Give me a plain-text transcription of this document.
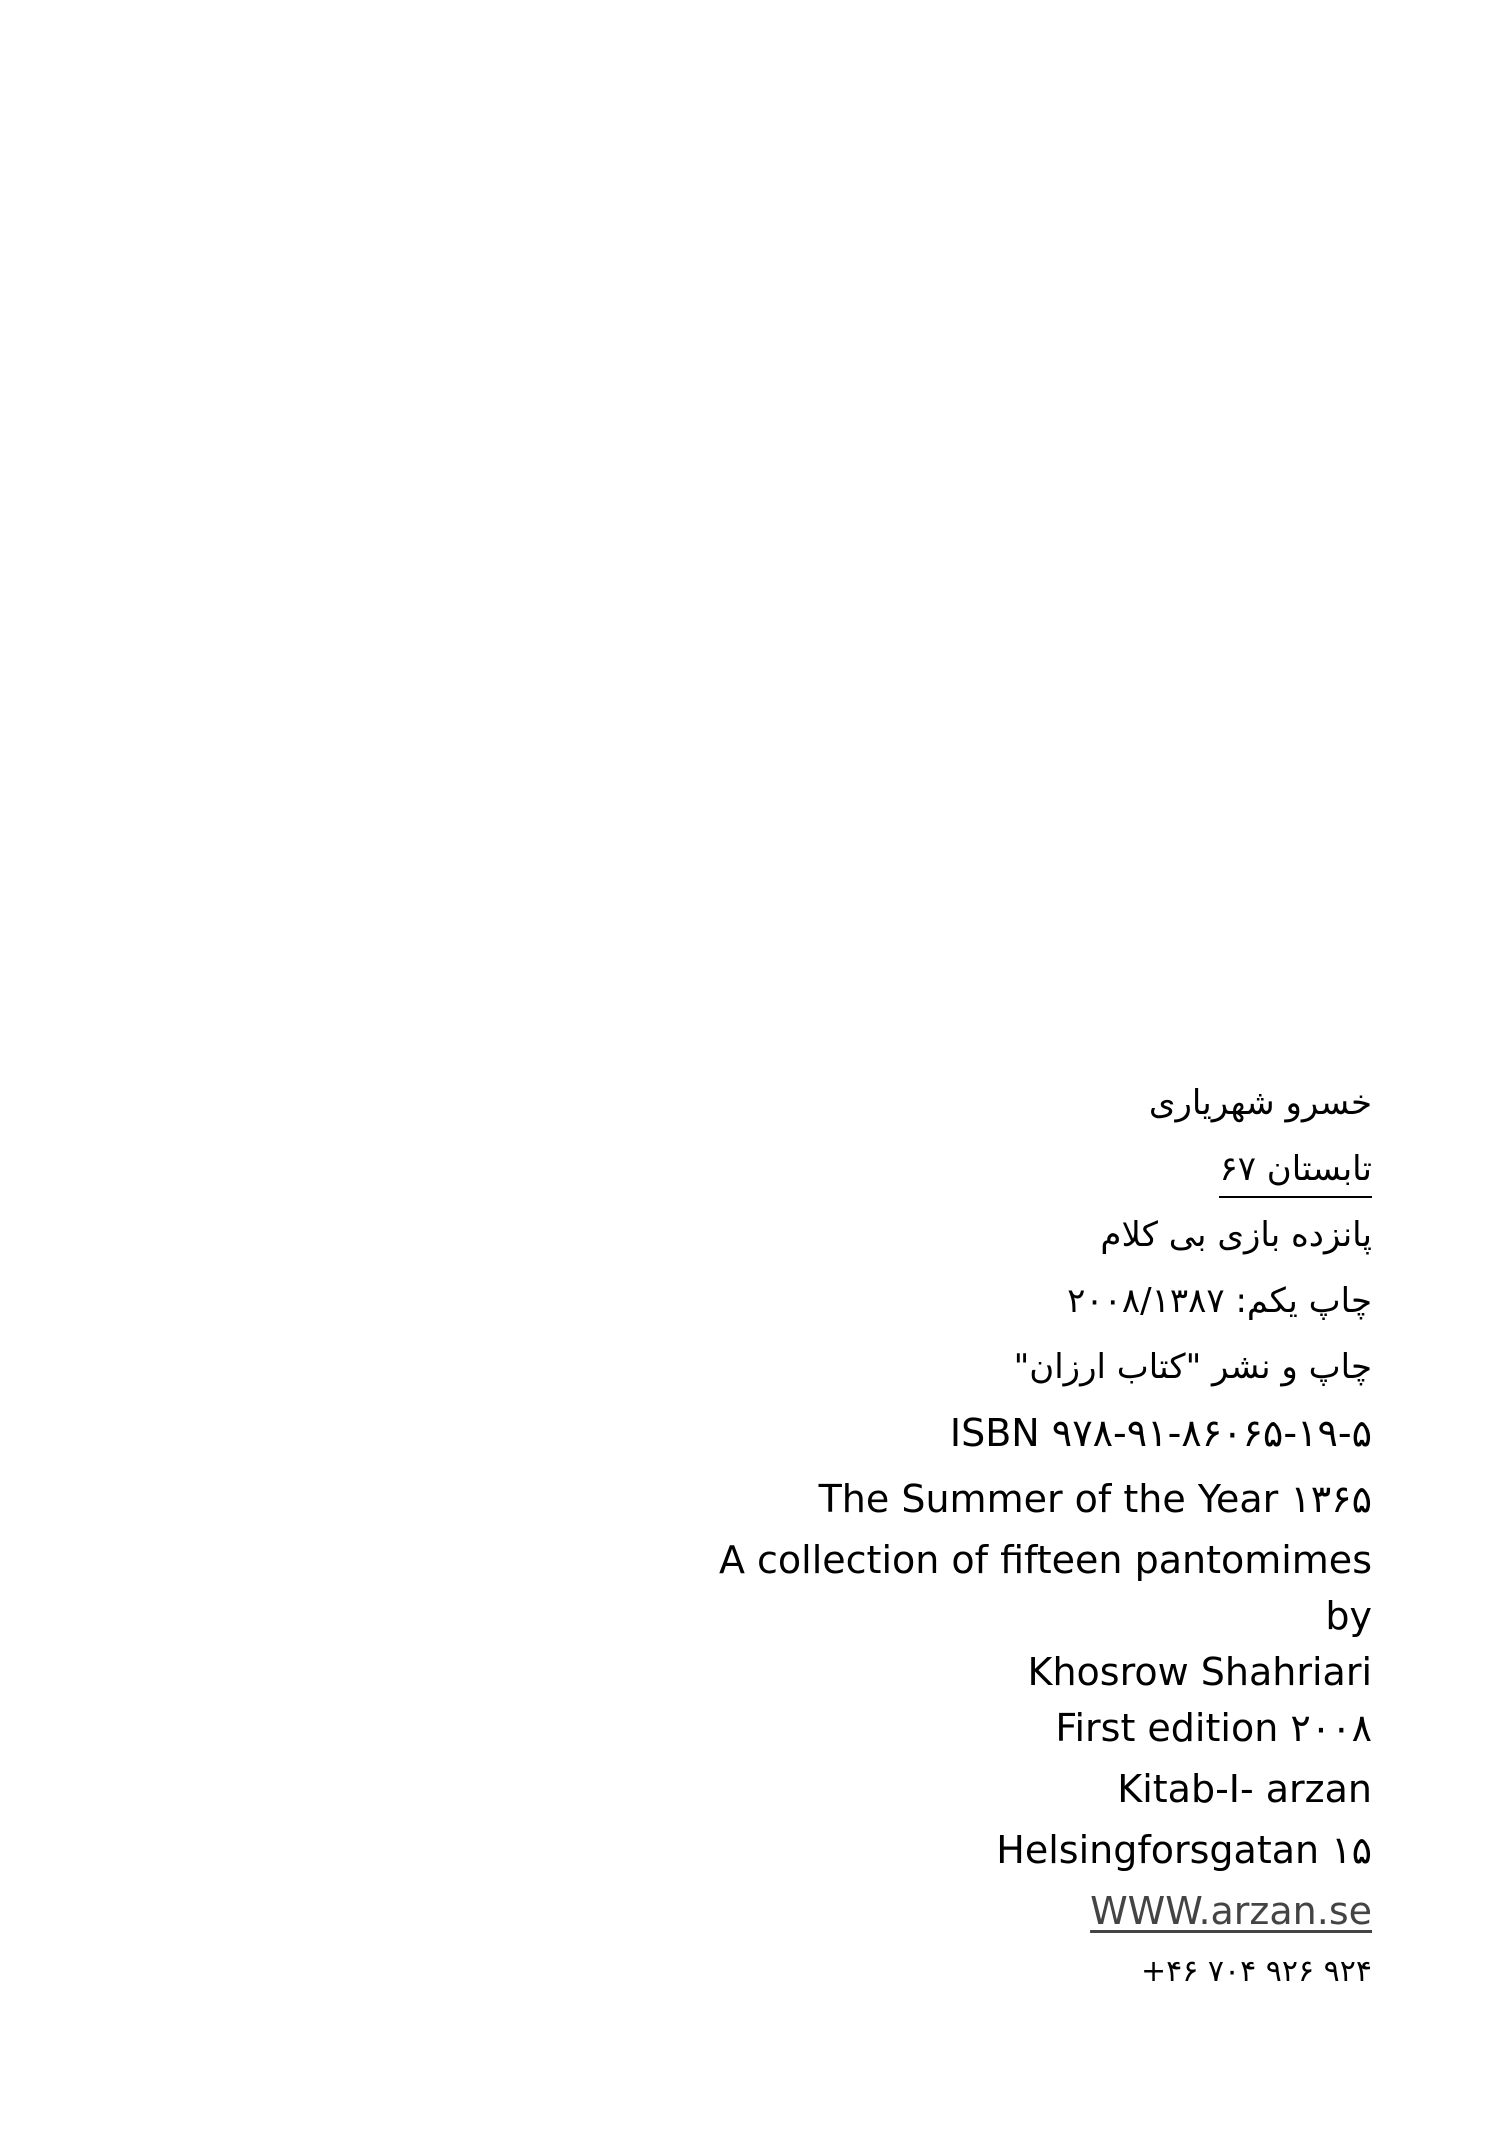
خسرو شهریاری
تابستان ۶۷
پانزده بازی بی کلام
چاپ یکم: ۲۰۰۸/۱۳۸۷
چاپ و نشر "کتاب ارزان"
ISBN ۹۷۸-۹۱-۸۶۰۶۵-۱۹-۵
The Summer of the Year ۱۳۶۵
A collection of fifteen pantomimes
by
Khosrow Shahriari
First edition ۲۰۰۸
Kitab-I- arzan
Helsingforsgatan ۱۵
WWW.arzan.se
+۴۶ ۷۰۴ ۹۲۶ ۹۲۴
